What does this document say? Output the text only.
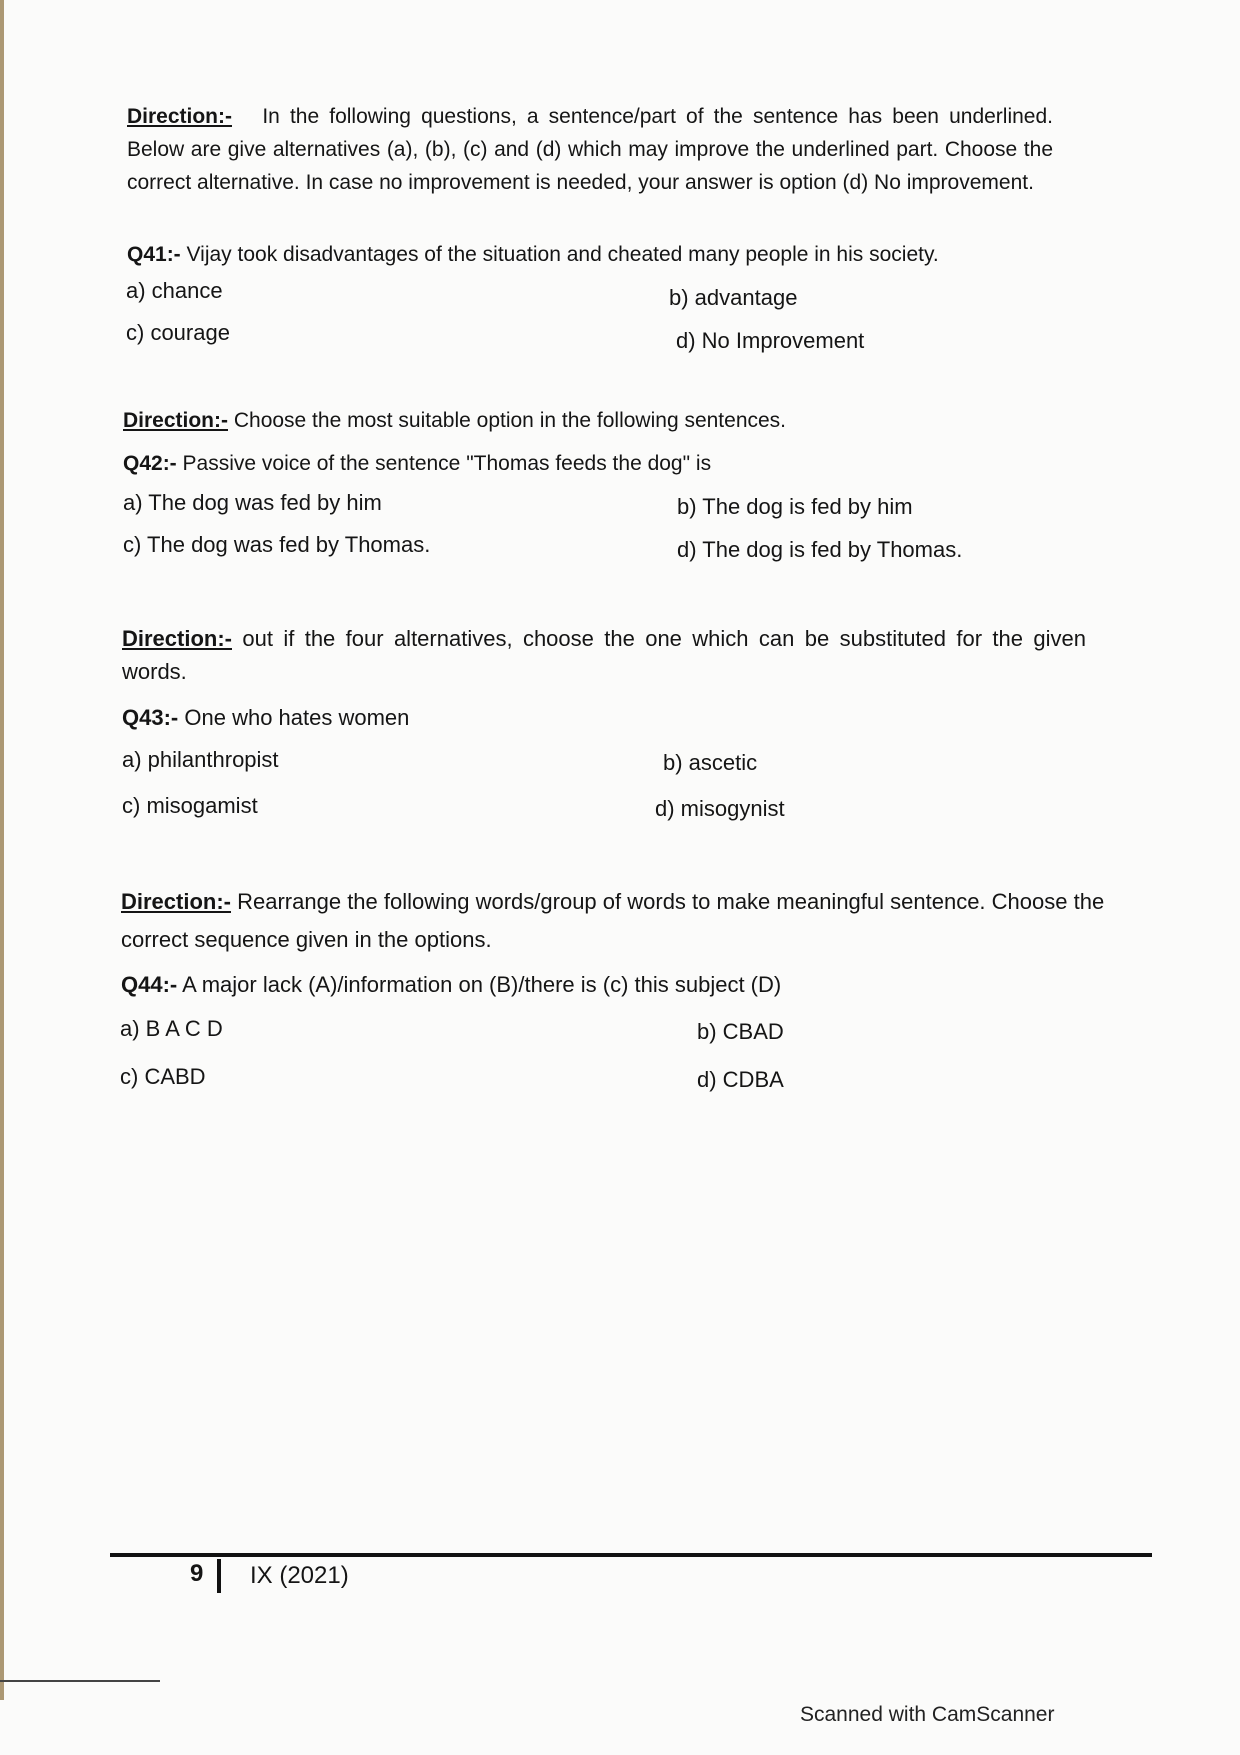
Direction:- In the following questions, a sentence/part of the sentence has been underlined. Below are give alternatives (a), (b), (c) and (d) which may improve the underlined part. Choose the correct alternative. In case no improvement is needed, your answer is option (d) No improvement.
Q41:- Vijay took disadvantages of the situation and cheated many people in his society.
a) chance	b) advantage
c) courage	d) No Improvement
Direction:- Choose the most suitable option in the following sentences.
Q42:- Passive voice of the sentence "Thomas feeds the dog" is
a) The dog was fed by him	b) The dog is fed by him
c) The dog was fed by Thomas.	d) The dog is fed by Thomas.
Direction:- out if the four alternatives, choose the one which can be substituted for the given words.
Q43:- One who hates women
a) philanthropist	b) ascetic
c) misogamist	d) misogynist
Direction:- Rearrange the following words/group of words to make meaningful sentence. Choose the correct sequence given in the options.
Q44:- A major lack (A)/information on (B)/there is (c) this subject (D)
a) B A C D	b) CBAD
c) CABD	d) CDBA
9 IX (2021)
Scanned with CamScanner
